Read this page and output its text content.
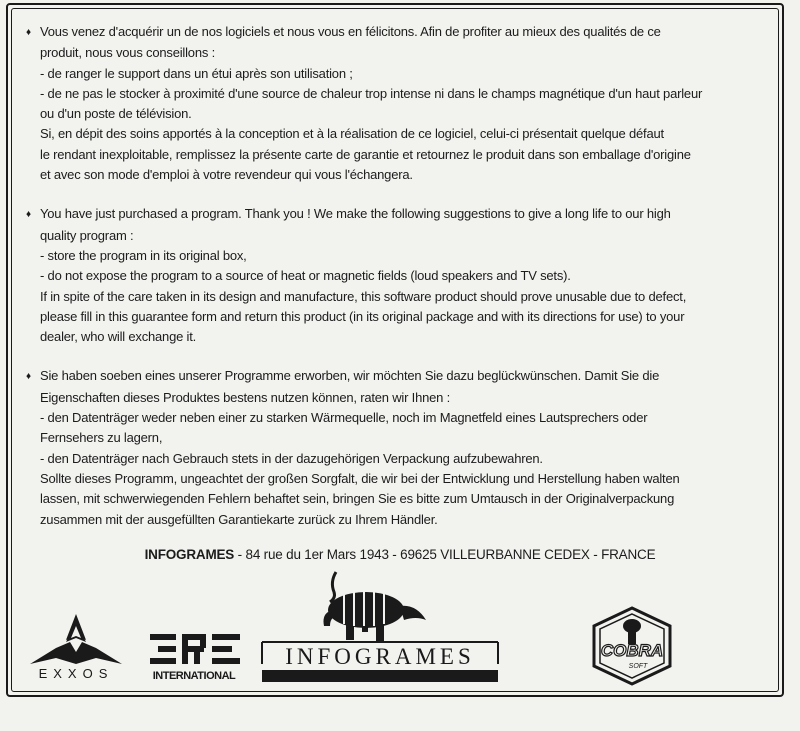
♦ Vous venez d'acquérir un de nos logiciels et nous vous en félicitons. Afin de profiter au mieux des qualités de ce

produit, nous vous conseillons :

- de ranger le support dans un étui après son utilisation ;

- de ne pas le stocker à proximité d'une source de chaleur trop intense ni dans le champs magnétique d'un haut parleur

ou d'un poste de télévision.

Si, en dépit des soins apportés à la conception et à la réalisation de ce logiciel, celui-ci présentait quelque défaut

le rendant inexploitable, remplissez la présente carte de garantie et retournez le produit dans son emballage d'origine

et avec son mode d'emploi à votre revendeur qui vous l'échangera.

♦ You have just purchased a program. Thank you ! We make the following suggestions to give a long life to our high

quality program :

- store the program in its original box,

- do not expose the program to a source of heat or magnetic fields (loud speakers and TV sets).

If in spite of the care taken in its design and manufacture, this software product should prove unusable due to defect,

please fill in this guarantee form and return this product (in its original package and with its directions for use) to your

dealer, who will exchange it.

♦ Sie haben soeben eines unserer Programme erworben, wir möchten Sie dazu beglückwünschen. Damit Sie die

Eigenschaften dieses Produktes bestens nutzen können, raten wir Ihnen :

- den Datenträger weder neben einer zu starken Wärmequelle, noch im Magnetfeld eines Lautsprechers oder

Fernsehers zu lagern,

- den Datenträger nach Gebrauch stets in der dazugehörigen Verpackung aufzubewahren.

Sollte dieses Programm, ungeachtet der großen Sorgfalt, die wir bei der Entwicklung und Herstellung haben walten

lassen, mit schwerwiegenden Fehlern behaftet sein, bringen Sie es bitte zum Umtausch in der Originalverpackung

zusammen mit der ausgefüllten Garantiekarte zurück zu Ihrem Händler.

INFOGRAMES - 84 rue du 1er Mars 1943 - 69625 VILLEURBANNE CEDEX - FRANCE
EXXOS
ERE
INTERNATIONAL
INFOGRAMES	COBRA
SOFT
